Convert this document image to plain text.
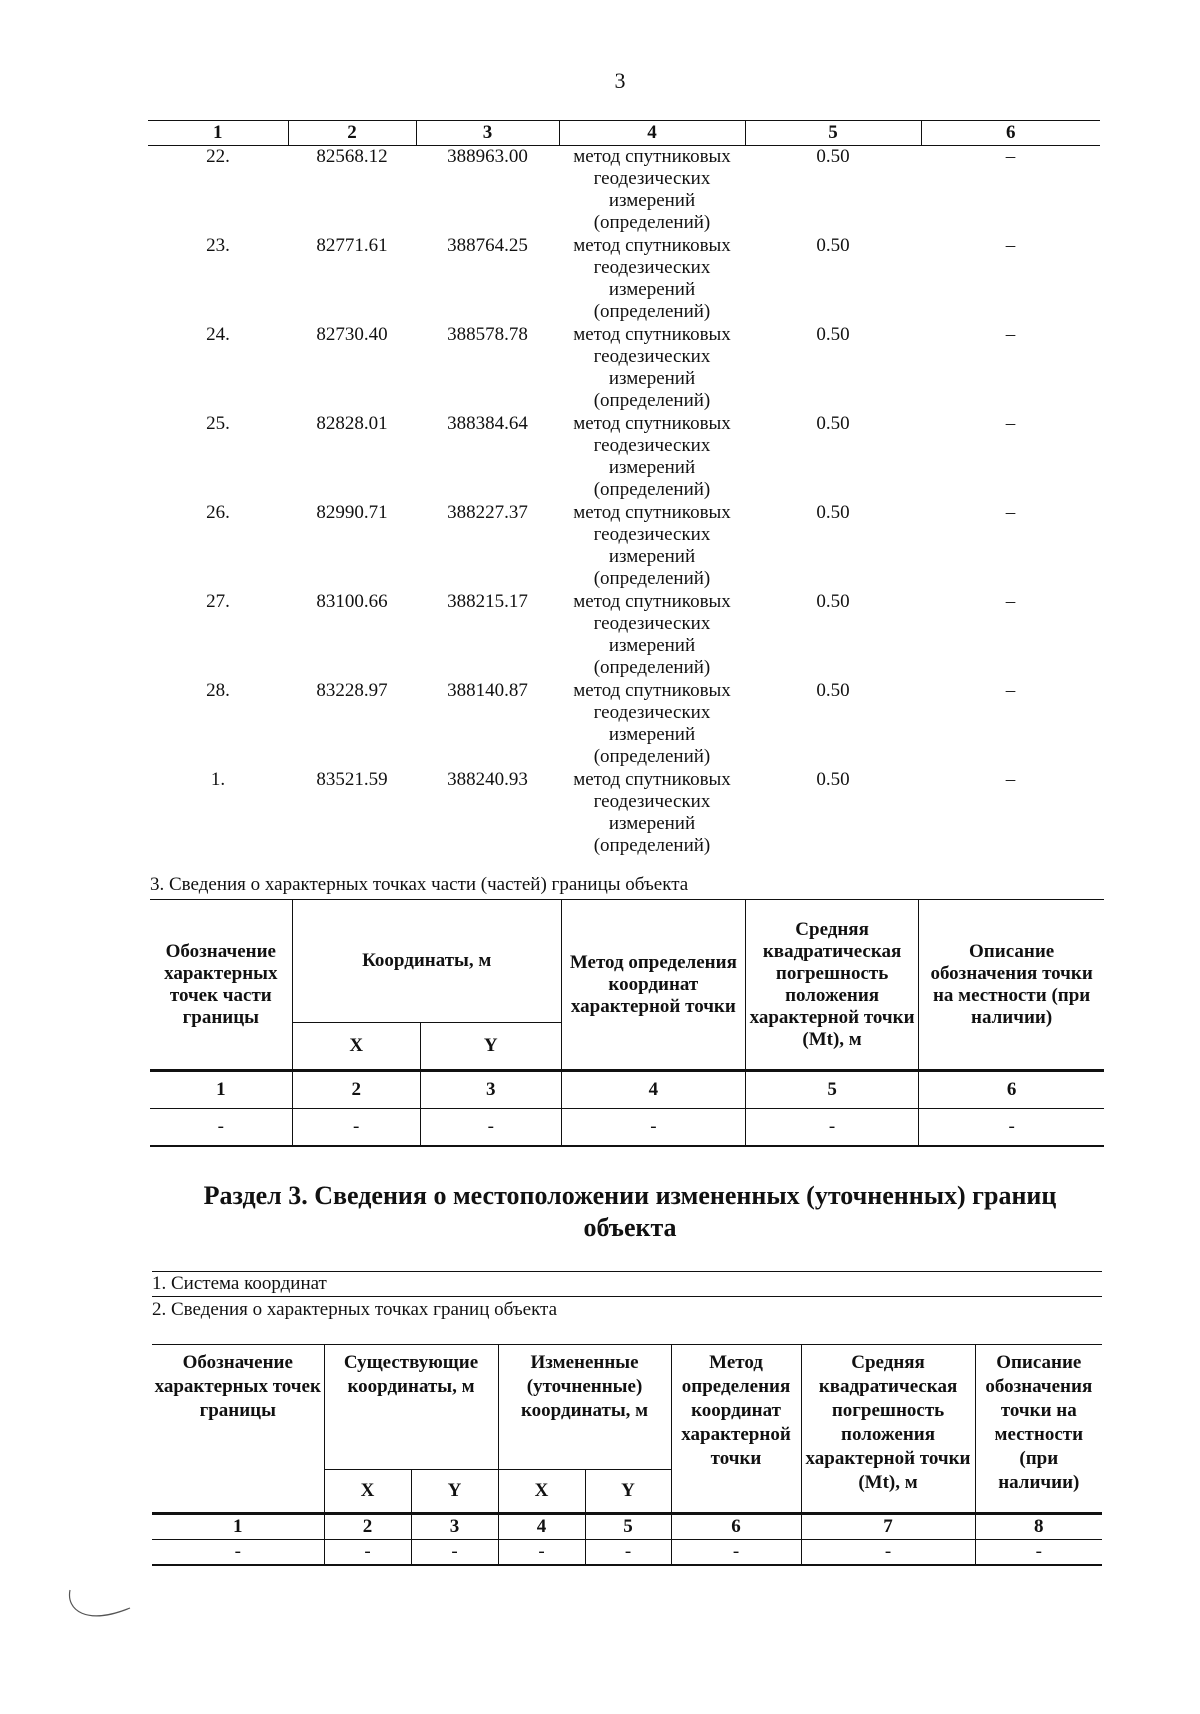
3
1	2	3	4	5	6
22.	82568.12	388963.00	метод спутниковых
геодезических
измерений
(определений)	0.50	–
23.	82771.61	388764.25	метод спутниковых
геодезических
измерений
(определений)	0.50	–
24.	82730.40	388578.78	метод спутниковых
геодезических
измерений
(определений)	0.50	–
25.	82828.01	388384.64	метод спутниковых
геодезических
измерений
(определений)	0.50	–
26.	82990.71	388227.37	метод спутниковых
геодезических
измерений
(определений)	0.50	–
27.	83100.66	388215.17	метод спутниковых
геодезических
измерений
(определений)	0.50	–
28.	83228.97	388140.87	метод спутниковых
геодезических
измерений
(определений)	0.50	–
1.	83521.59	388240.93	метод спутниковых
геодезических
измерений
(определений)	0.50	–
3. Сведения о характерных точках части (частей) границы объекта
Обозначение характерных точек части границы	Координаты, м		Метод определения координат характерной точки	Средняя квадратическая погрешность положения характерной точки (Mt), м	Описание обозначения точки на местности (при наличии)
	X	Y			
1	2	3	4	5	6
-	-	-	-	-	-
Раздел 3. Сведения о местоположении измененных (уточненных) границ объекта
1. Система координат
2. Сведения о характерных точках границ объекта
Обозначение характерных точек границы	Существующие координаты, м		Измененные (уточненные) координаты, м		Метод определения координат характерной точки	Средняя квадратическая погрешность положения характерной точки (Mt), м	Описание обозначения точки на местности (при наличии)
	X	Y	X	Y			
1	2	3	4	5	6	7	8
-	-	-	-	-	-	-	-
